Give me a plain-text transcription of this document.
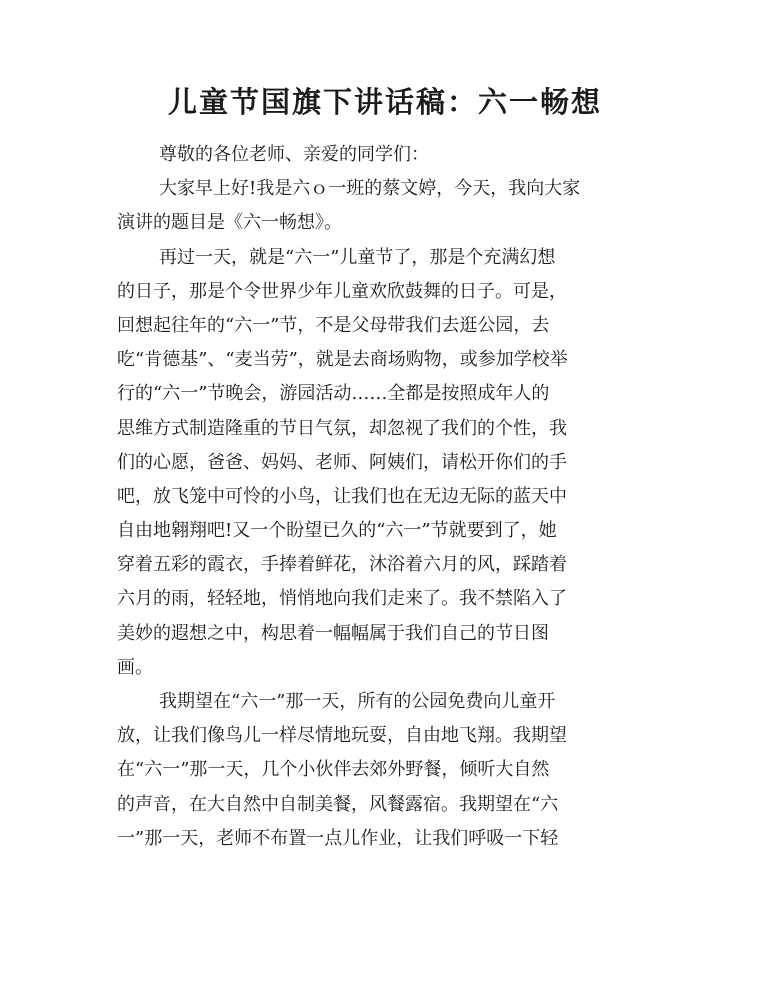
儿童节国旗下讲话稿：六一畅想
尊敬的各位老师、亲爱的同学们：
大家早上好!我是六ｏ一班的蔡文婷，今天，我向大家
演讲的题目是《六一畅想》。
再过一天，就是“六一”儿童节了，那是个充满幻想
的日子，那是个令世界少年儿童欢欣鼓舞的日子。可是，
回想起往年的“六一”节，不是父母带我们去逛公园，去
吃“肯德基”、“麦当劳”，就是去商场购物，或参加学校举
行的“六一”节晚会，游园活动……全都是按照成年人的
思维方式制造隆重的节日气氛，却忽视了我们的个性，我
们的心愿，爸爸、妈妈、老师、阿姨们，请松开你们的手
吧，放飞笼中可怜的小鸟，让我们也在无边无际的蓝天中
自由地翱翔吧!又一个盼望已久的“六一”节就要到了，她
穿着五彩的霞衣，手捧着鲜花，沐浴着六月的风，踩踏着
六月的雨，轻轻地，悄悄地向我们走来了。我不禁陷入了
美妙的遐想之中，构思着一幅幅属于我们自己的节日图
画。
我期望在“六一”那一天，所有的公园免费向儿童开
放，让我们像鸟儿一样尽情地玩耍，自由地飞翔。我期望
在“六一”那一天，几个小伙伴去郊外野餐，倾听大自然
的声音，在大自然中自制美餐，风餐露宿。我期望在“六
一”那一天，老师不布置一点儿作业，让我们呼吸一下轻
